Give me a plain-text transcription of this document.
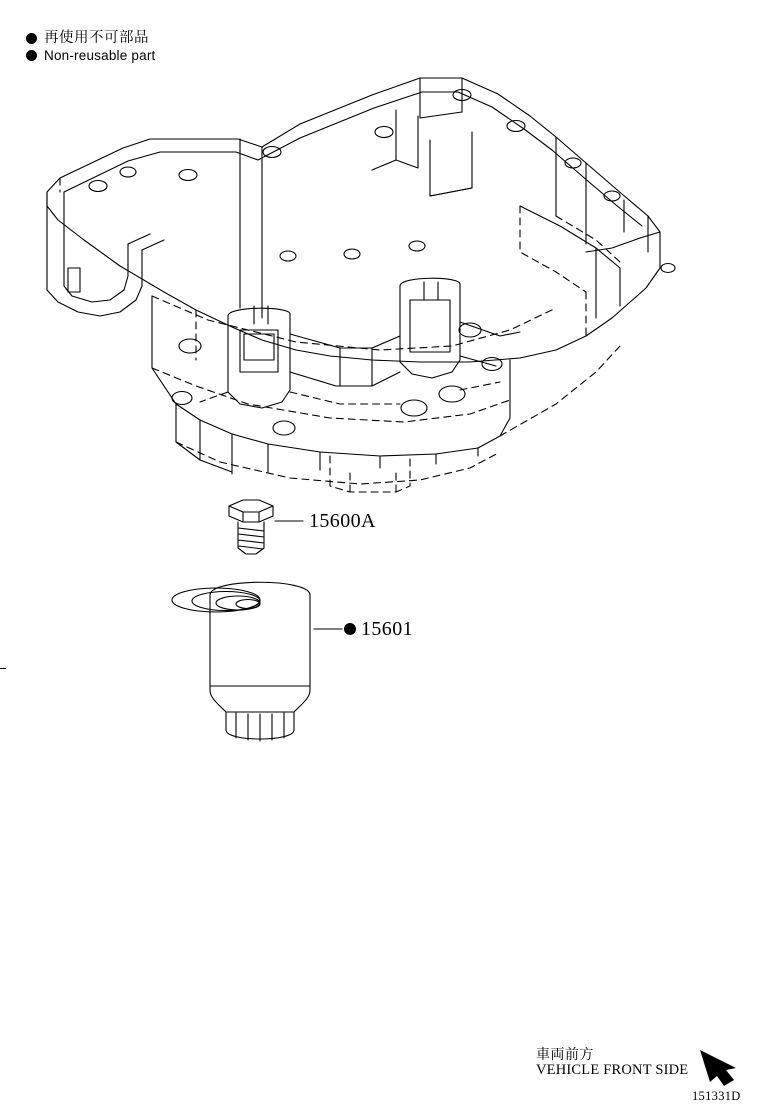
再使用不可部品
Non-reusable part
15600A
15601
車両前方
VEHICLE FRONT SIDE
151331D
